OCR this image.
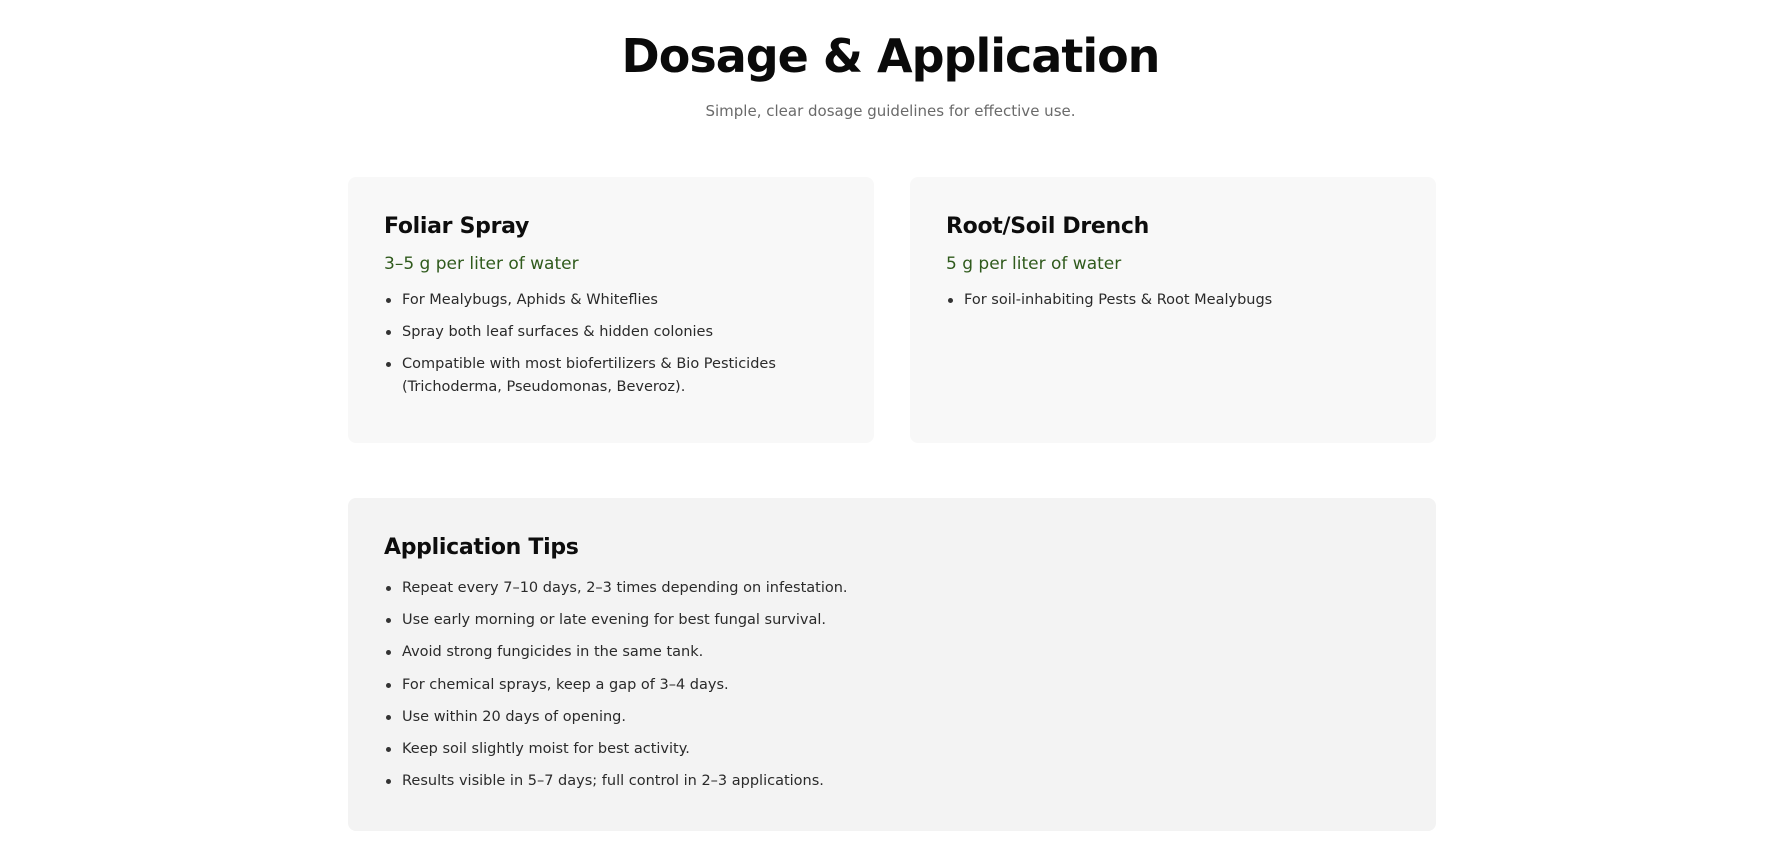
Dosage & Application

Simple, clear dosage guidelines for effective use.

Foliar Spray
3–5 g per liter of water
For Mealybugs, Aphids & Whiteflies
Spray both leaf surfaces & hidden colonies
Compatible with most biofertilizers & Bio Pesticides (Trichoderma, Pseudomonas, Beveroz).
Root/Soil Drench
5 g per liter of water
For soil-inhabiting Pests & Root Mealybugs
Application Tips
Repeat every 7–10 days, 2–3 times depending on infestation.
Use early morning or late evening for best fungal survival.
Avoid strong fungicides in the same tank.
For chemical sprays, keep a gap of 3–4 days.
Use within 20 days of opening.
Keep soil slightly moist for best activity.
Results visible in 5–7 days; full control in 2–3 applications.
